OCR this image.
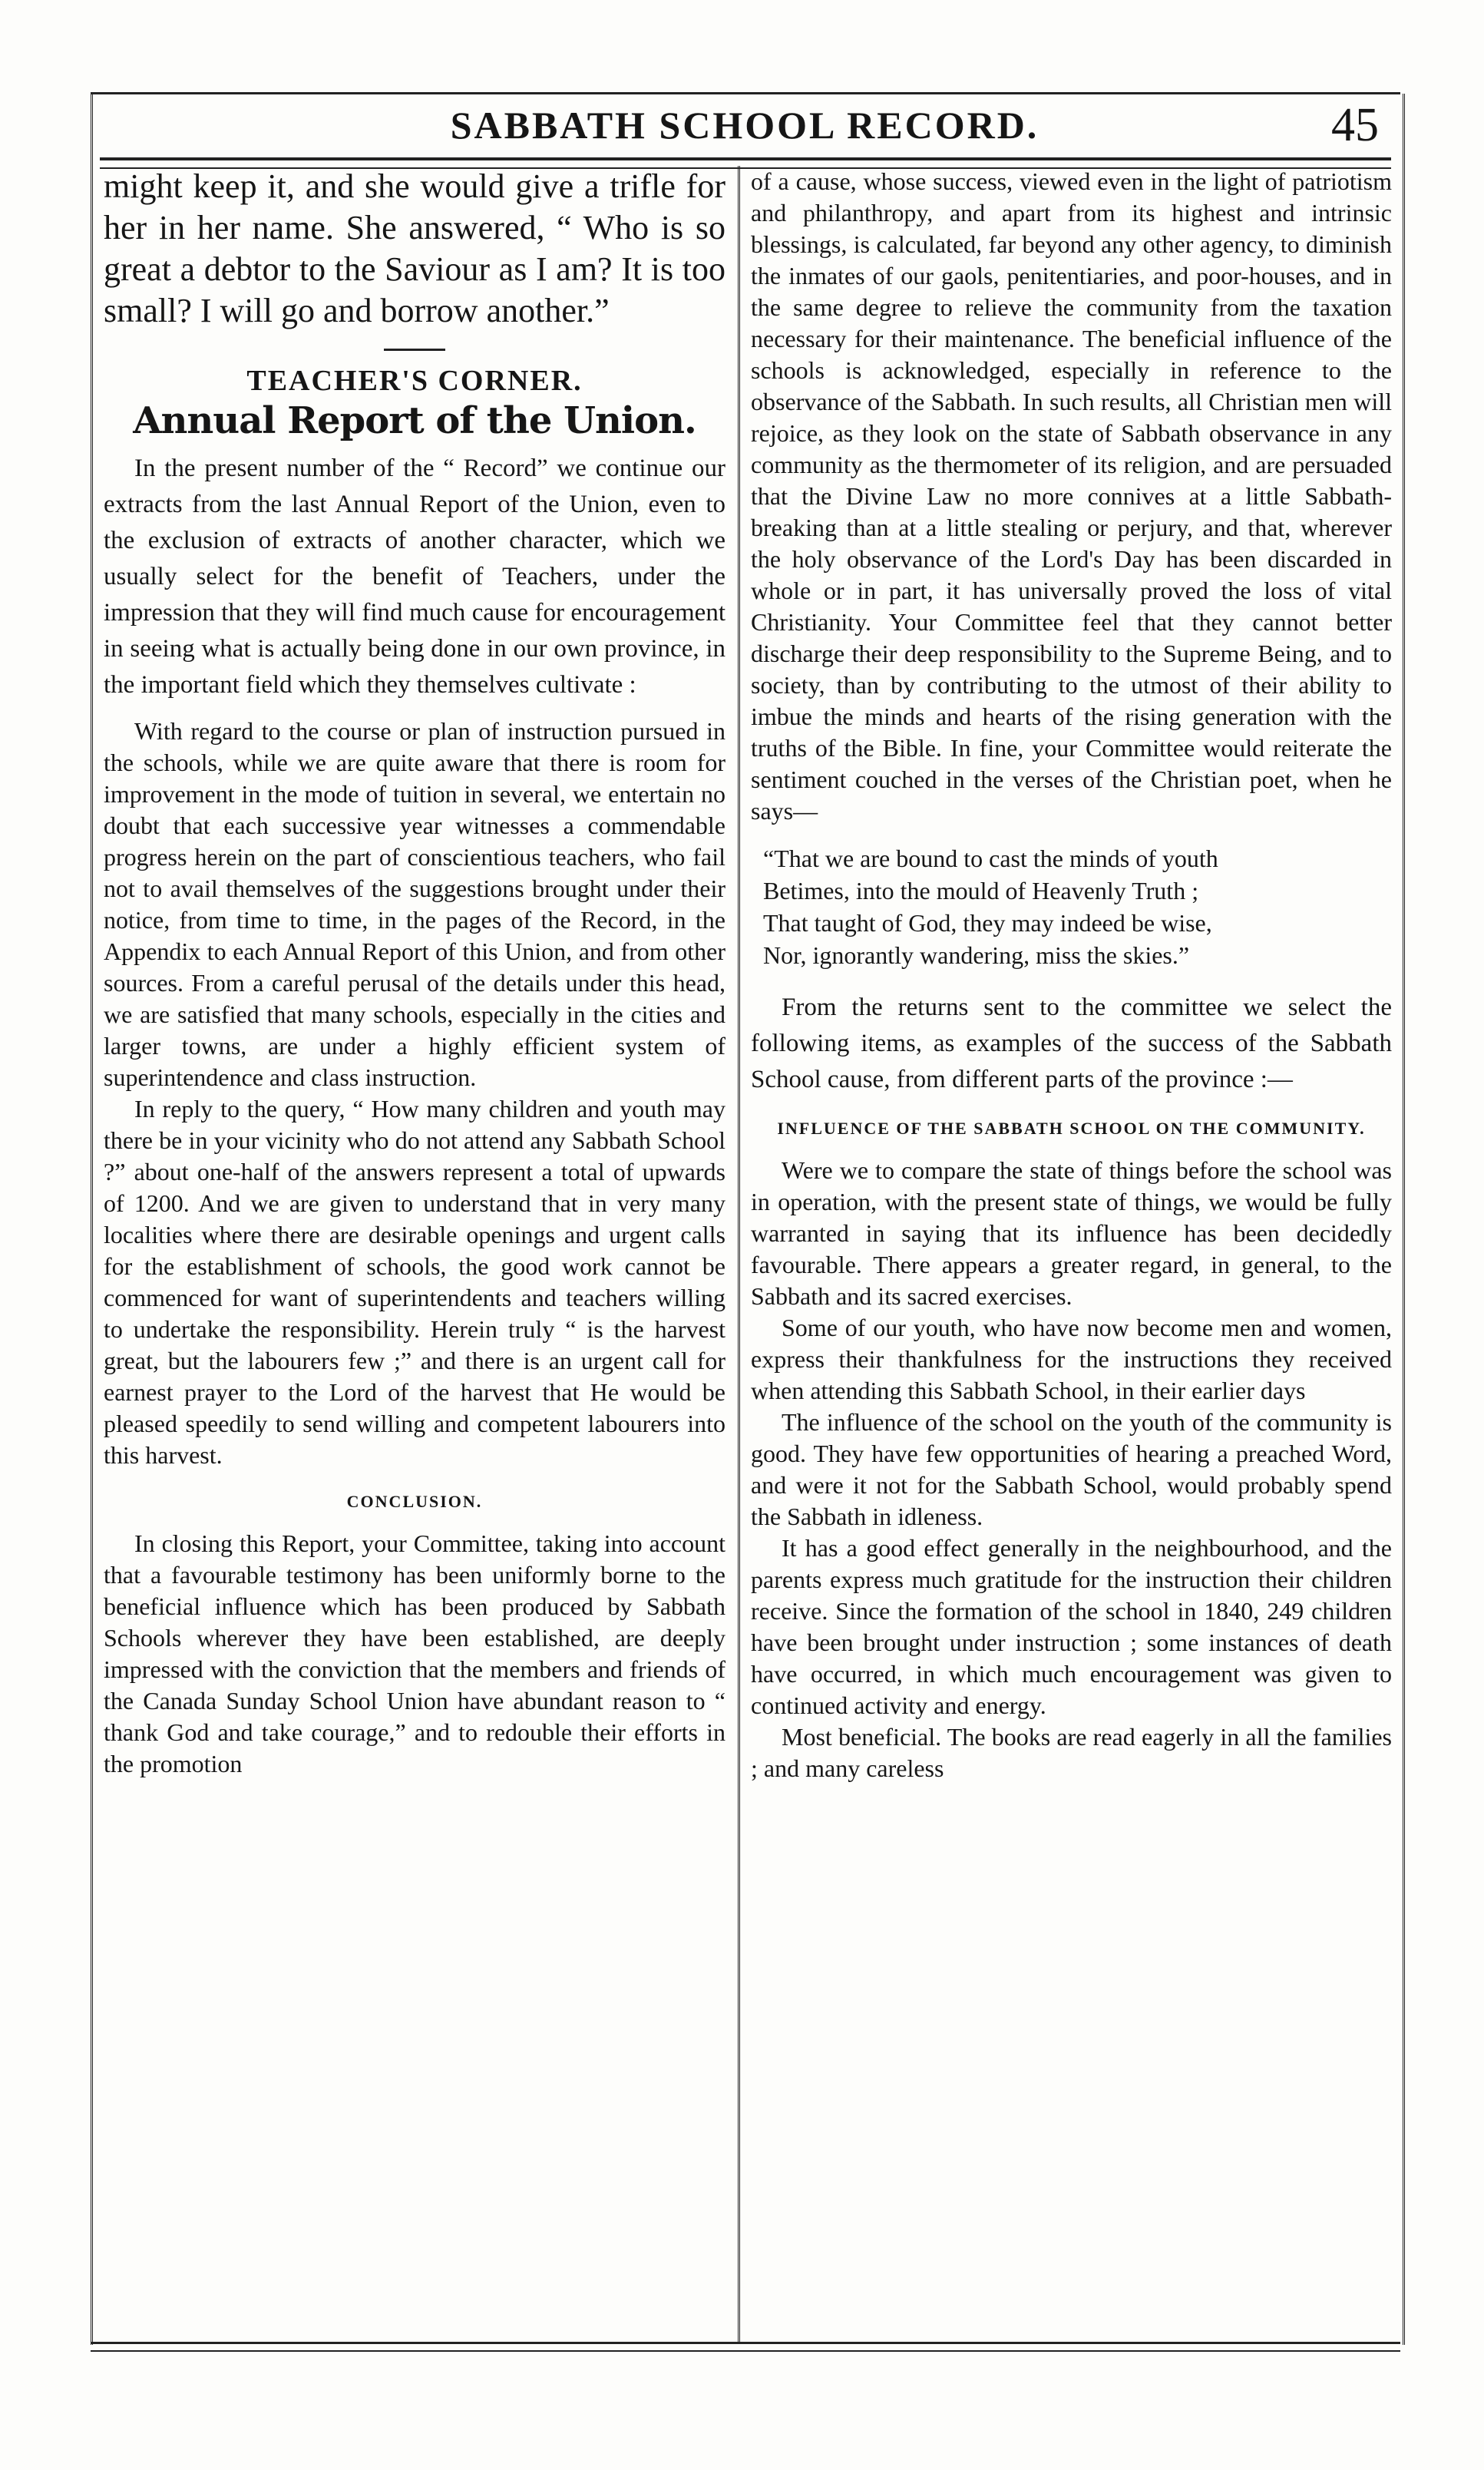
SABBATH SCHOOL RECORD.	45

might keep it, and she would give a trifle for her in her name. She answered, “ Who is so great a debtor to the Saviour as I am? It is too small? I will go and borrow another.”

TEACHER'S CORNER.
Annual Report of the Union.

In the present number of the “ Record” we continue our extracts from the last Annual Report of the Union, even to the exclusion of extracts of another character, which we usually select for the benefit of Teachers, under the impression that they will find much cause for encouragement in seeing what is actually being done in our own province, in the important field which they themselves cultivate :

With regard to the course or plan of instruction pursued in the schools, while we are quite aware that there is room for improvement in the mode of tuition in several, we entertain no doubt that each successive year witnesses a commendable progress herein on the part of conscientious teachers, who fail not to avail themselves of the suggestions brought under their notice, from time to time, in the pages of the Record, in the Appendix to each Annual Report of this Union, and from other sources. From a careful perusal of the details under this head, we are satisfied that many schools, especially in the cities and larger towns, are under a highly efficient system of superintendence and class instruction.

In reply to the query, “ How many children and youth may there be in your vicinity who do not attend any Sabbath School ?” about one-half of the answers represent a total of upwards of 1200. And we are given to understand that in very many localities where there are desirable openings and urgent calls for the establishment of schools, the good work cannot be commenced for want of superintendents and teachers willing to undertake the responsibility. Herein truly “ is the harvest great, but the labourers few ;” and there is an urgent call for earnest prayer to the Lord of the harvest that He would be pleased speedily to send willing and competent labourers into this harvest.

CONCLUSION.

In closing this Report, your Committee, taking into account that a favourable testimony has been uniformly borne to the beneficial influence which has been produced by Sabbath Schools wherever they have been established, are deeply impressed with the conviction that the members and friends of the Canada Sunday School Union have abundant reason to “ thank God and take courage,” and to redouble their efforts in the promotion

of a cause, whose success, viewed even in the light of patriotism and philanthropy, and apart from its highest and intrinsic blessings, is calculated, far beyond any other agency, to diminish the inmates of our gaols, penitentiaries, and poor-houses, and in the same degree to relieve the community from the taxation necessary for their maintenance. The beneficial influence of the schools is acknowledged, especially in reference to the observance of the Sabbath. In such results, all Christian men will rejoice, as they look on the state of Sabbath observance in any community as the thermometer of its religion, and are persuaded that the Divine Law no more connives at a little Sabbath-breaking than at a little stealing or perjury, and that, wherever the holy observance of the Lord's Day has been discarded in whole or in part, it has universally proved the loss of vital Christianity. Your Committee feel that they cannot better discharge their deep responsibility to the Supreme Being, and to society, than by contributing to the utmost of their ability to imbue the minds and hearts of the rising generation with the truths of the Bible. In fine, your Committee would reiterate the sentiment couched in the verses of the Christian poet, when he says—

“That we are bound to cast the minds of youth
Betimes, into the mould of Heavenly Truth ;
That taught of God, they may indeed be wise,
Nor, ignorantly wandering, miss the skies.”

From the returns sent to the committee we select the following items, as examples of the success of the Sabbath School cause, from different parts of the province :—

INFLUENCE OF THE SABBATH SCHOOL ON THE COMMUNITY.

Were we to compare the state of things before the school was in operation, with the present state of things, we would be fully warranted in saying that its influence has been decidedly favourable. There appears a greater regard, in general, to the Sabbath and its sacred exercises.

Some of our youth, who have now become men and women, express their thankfulness for the instructions they received when attending this Sabbath School, in their earlier days

The influence of the school on the youth of the community is good. They have few opportunities of hearing a preached Word, and were it not for the Sabbath School, would probably spend the Sabbath in idleness.

It has a good effect generally in the neighbourhood, and the parents express much gratitude for the instruction their children receive. Since the formation of the school in 1840, 249 children have been brought under instruction ; some instances of death have occurred, in which much encouragement was given to continued activity and energy.

Most beneficial. The books are read eagerly in all the families ; and many careless
